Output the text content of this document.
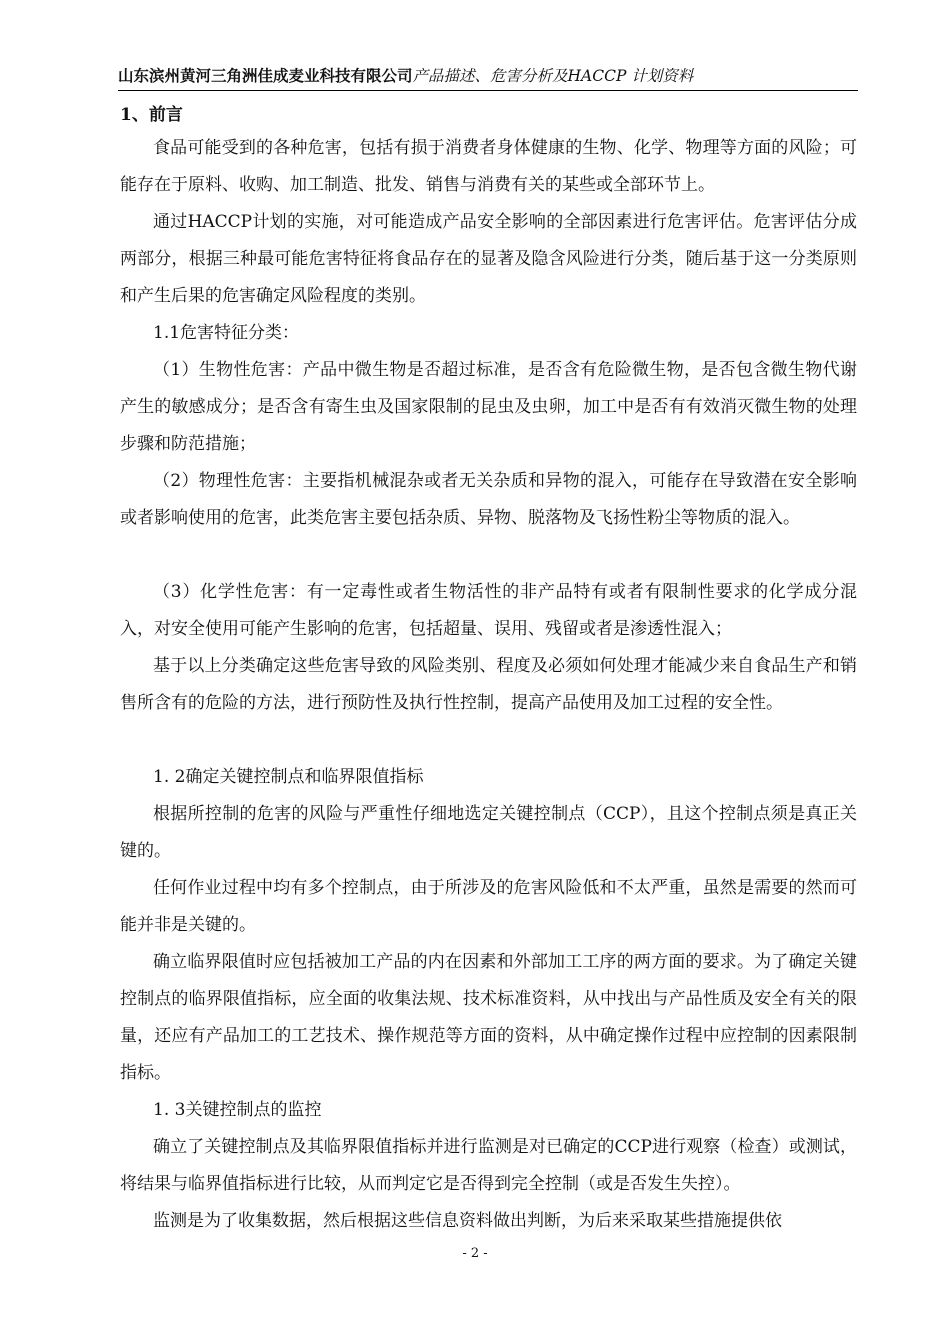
山东滨州黄河三角洲佳成麦业科技有限公司产品描述、危害分析及HACCP 计划资料
1、前言

食品可能受到的各种危害，包括有损于消费者身体健康的生物、化学、物理等方面的风险；可能存在于原料、收购、加工制造、批发、销售与消费有关的某些或全部环节上。

通过HACCP计划的实施，对可能造成产品安全影响的全部因素进行危害评估。危害评估分成两部分，根据三种最可能危害特征将食品存在的显著及隐含风险进行分类，随后基于这一分类原则和产生后果的危害确定风险程度的类别。

1.1危害特征分类：

（1）生物性危害：产品中微生物是否超过标准，是否含有危险微生物，是否包含微生物代谢产生的敏感成分；是否含有寄生虫及国家限制的昆虫及虫卵，加工中是否有有效消灭微生物的处理步骤和防范措施；

（2）物理性危害：主要指机械混杂或者无关杂质和异物的混入，可能存在导致潜在安全影响或者影响使用的危害，此类危害主要包括杂质、异物、脱落物及飞扬性粉尘等物质的混入。

（3）化学性危害：有一定毒性或者生物活性的非产品特有或者有限制性要求的化学成分混入，对安全使用可能产生影响的危害，包括超量、误用、残留或者是渗透性混入；

基于以上分类确定这些危害导致的风险类别、程度及必须如何处理才能减少来自食品生产和销售所含有的危险的方法，进行预防性及执行性控制，提高产品使用及加工过程的安全性。

1. 2确定关键控制点和临界限值指标

根据所控制的危害的风险与严重性仔细地选定关键控制点（CCP），且这个控制点须是真正关键的。

任何作业过程中均有多个控制点，由于所涉及的危害风险低和不太严重，虽然是需要的然而可能并非是关键的。

确立临界限值时应包括被加工产品的内在因素和外部加工工序的两方面的要求。为了确定关键控制点的临界限值指标，应全面的收集法规、技术标准资料，从中找出与产品性质及安全有关的限量，还应有产品加工的工艺技术、操作规范等方面的资料，从中确定操作过程中应控制的因素限制指标。

1. 3关键控制点的监控

确立了关键控制点及其临界限值指标并进行监测是对已确定的CCP进行观察（检查）或测试，将结果与临界值指标进行比较，从而判定它是否得到完全控制（或是否发生失控）。

监测是为了收集数据，然后根据这些信息资料做出判断，为后来采取某些措施提供依

- 2 -
